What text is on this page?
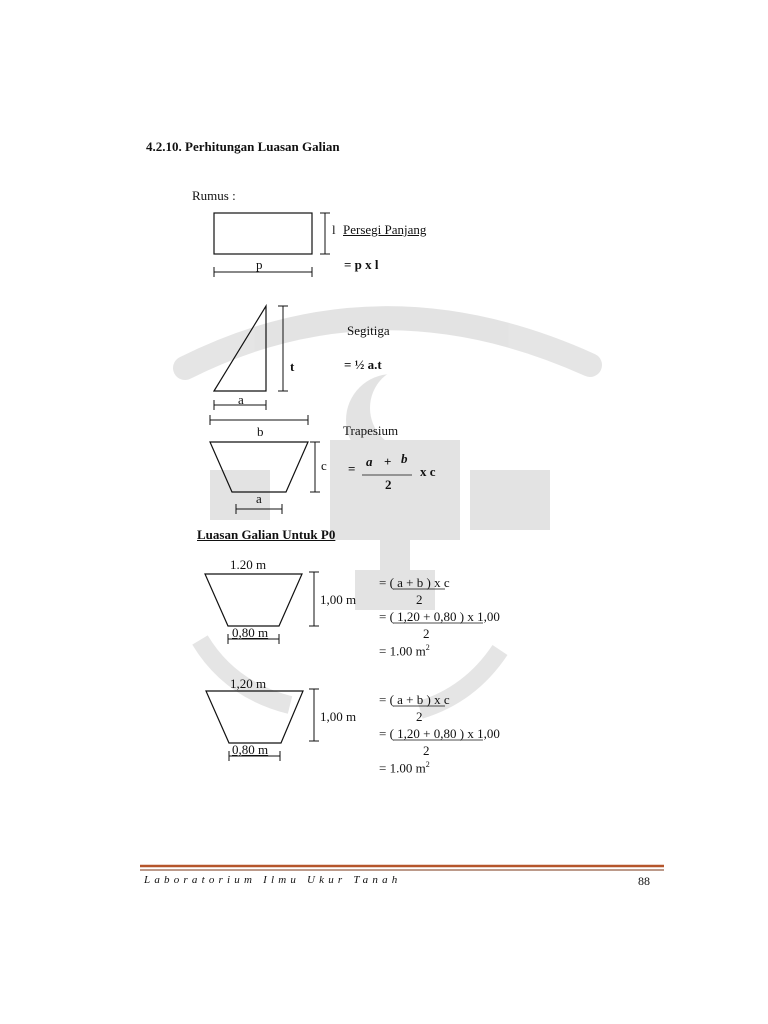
4.2.10. Perhitungan Luasan Galian
Rumus :
l
p
Persegi Panjang
= p x l
t
a
Segitiga
= ½ a.t
b
c
a
Trapesium
= a + b
x c
2
Luasan Galian Untuk P0
1.20 m
1,00 m
0,80 m
= ( a + b ) x c
2
= ( 1,20 + 0,80 ) x 1,00
2
= 1.00 $m^2$
1,20 m
1,00 m
0,80 m
= ( a + b ) x c
2
= ( 1,20 + 0,80 ) x 1,00
2
= 1.00 $m^2$
Laboratorium Ilmu Ukur Tanah	88
